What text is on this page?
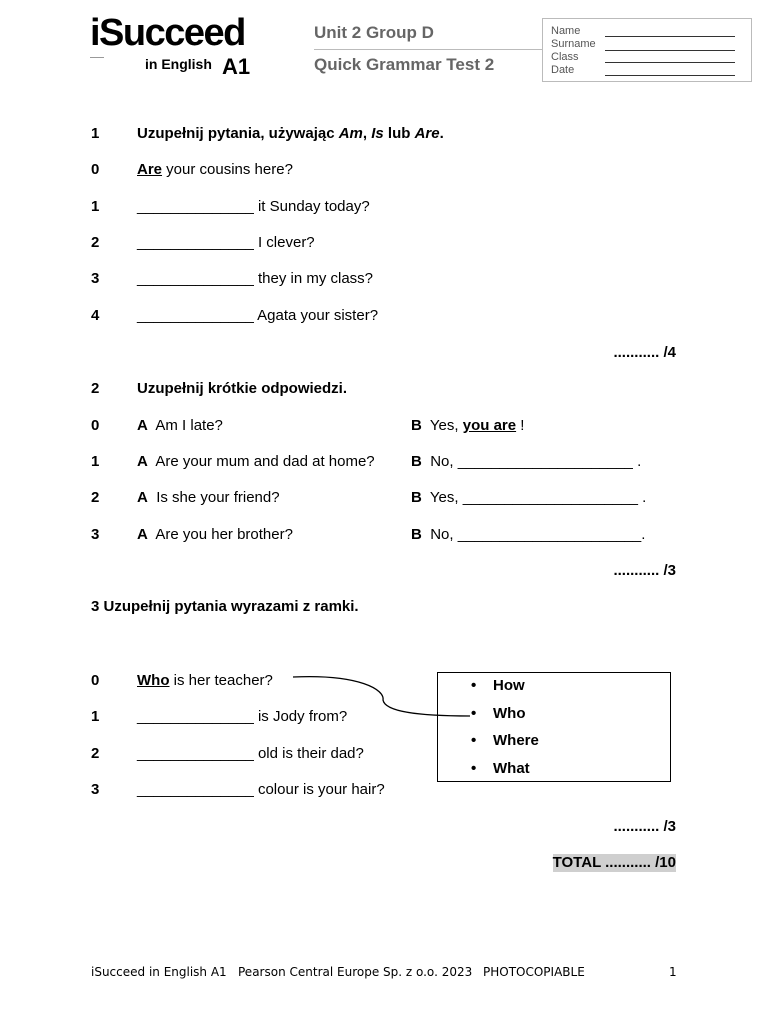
iSucceed
in English A1
Unit 2 Group D
Quick Grammar Test 2
Name
Surname
Class
Date
1	Uzupełnij pytania, używając Am, Is lub Are.
0	Are your cousins here?
1	______________ it Sunday today?
2	______________ I clever?
3	______________ they in my class?
4	______________ Agata your sister?
........... /4
2	Uzupełnij krótkie odpowiedzi.
0	A Am I late?	B Yes, you are !
1	A Are your mum and dad at home? B No, _____________________ .
2	A Is she your friend?	B Yes, _____________________ .
3	A Are you her brother?	B No, ______________________.
........... /3
3 Uzupełnij pytania wyrazami z ramki.
0	Who is her teacher?
1	______________ is Jody from?
2	______________ old is their dad?
3	______________ colour is your hair?
• How
• Who
• Where
• What
........... /3
TOTAL ........... /10
iSucceed in English A1 Pearson Central Europe Sp. z o.o. 2023 PHOTOCOPIABLE	1
